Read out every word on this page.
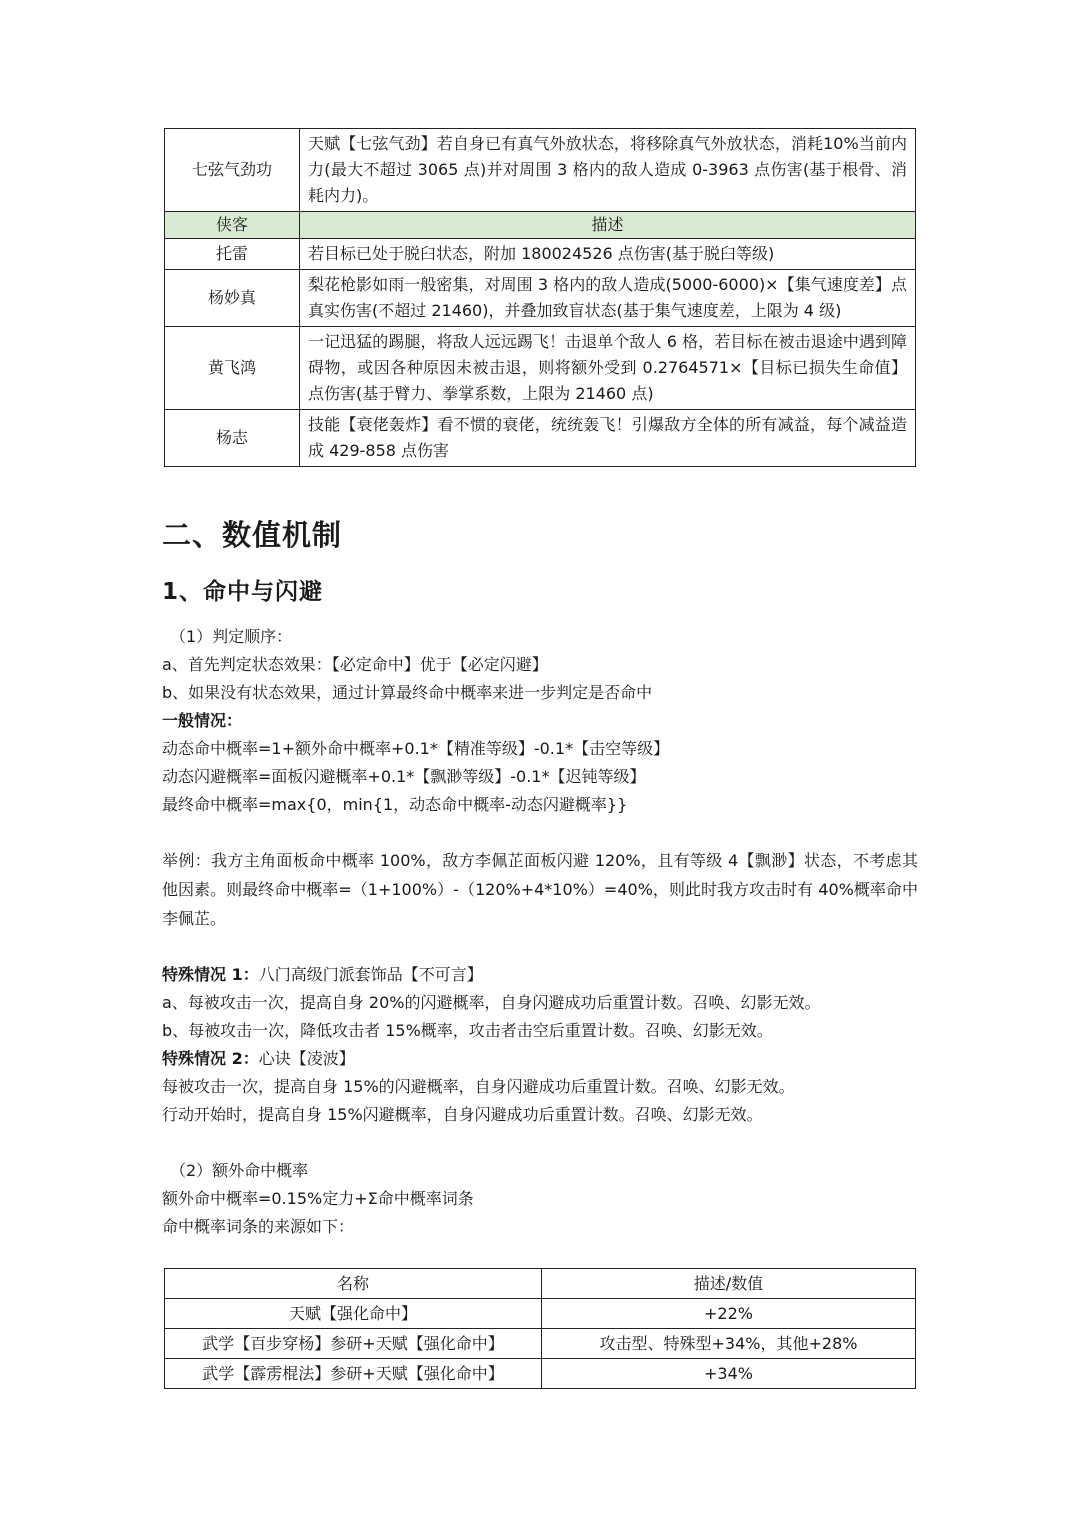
七弦气劲功	天赋【七弦气劲】若自身已有真气外放状态，将移除真气外放状态，消耗10%当前内力(最大不超过 3065 点)并对周围 3 格内的敌人造成 0-3963 点伤害(基于根骨、消耗内力)。
侠客	描述
托雷	若目标已处于脱臼状态，附加 180024526 点伤害(基于脱臼等级)
杨妙真	梨花枪影如雨一般密集，对周围 3 格内的敌人造成(5000-6000)×【集气速度差】点真实伤害(不超过 21460)，并叠加致盲状态(基于集气速度差，上限为 4 级)
黄飞鸿	一记迅猛的踢腿，将敌人远远踢飞！击退单个敌人 6 格，若目标在被击退途中遇到障碍物，或因各种原因未被击退，则将额外受到 0.2764571×【目标已损失生命值】点伤害(基于臂力、拳掌系数，上限为 21460 点)
杨志	技能【衰佬轰炸】看不惯的衰佬，统统轰飞！引爆敌方全体的所有减益，每个减益造成 429-858 点伤害
二、数值机制
1、命中与闪避
（1）判定顺序：
a、首先判定状态效果：【必定命中】优于【必定闪避】
b、如果没有状态效果，通过计算最终命中概率来进一步判定是否命中
一般情况：
动态命中概率=1+额外命中概率+0.1*【精准等级】-0.1*【击空等级】
动态闪避概率=面板闪避概率+0.1*【飘渺等级】-0.1*【迟钝等级】
最终命中概率=max{0，min{1，动态命中概率-动态闪避概率}}
举例：我方主角面板命中概率 100%，敌方李佩芷面板闪避 120%，且有等级 4【飘渺】状态，不考虑其他因素。则最终命中概率=（1+100%）-（120%+4*10%）=40%，则此时我方攻击时有 40%概率命中李佩芷。
特殊情况 1：八门高级门派套饰品【不可言】
a、每被攻击一次，提高自身 20%的闪避概率，自身闪避成功后重置计数。召唤、幻影无效。
b、每被攻击一次，降低攻击者 15%概率，攻击者击空后重置计数。召唤、幻影无效。
特殊情况 2：心诀【凌波】
每被攻击一次，提高自身 15%的闪避概率，自身闪避成功后重置计数。召唤、幻影无效。
行动开始时，提高自身 15%闪避概率，自身闪避成功后重置计数。召唤、幻影无效。
（2）额外命中概率
额外命中概率=0.15%定力+Σ命中概率词条
命中概率词条的来源如下：
名称	描述/数值
天赋【强化命中】	+22%
武学【百步穿杨】参研+天赋【强化命中】	攻击型、特殊型+34%，其他+28%
武学【霹雳棍法】参研+天赋【强化命中】	+34%
